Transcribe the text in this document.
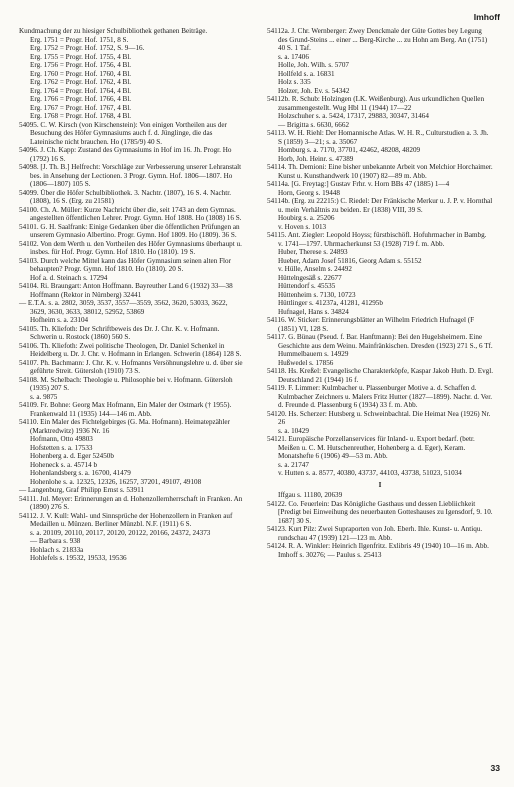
Imhoff

Kundmachung der zu hiesiger Schulbibliothek gethanen Beiträge.

Erg. 1751 = Progr. Hof. 1751, 8 S.

Erg. 1752 = Progr. Hof. 1752, S. 9—16.

Erg. 1755 = Progr. Hof. 1755, 4 Bl.

Erg. 1756 = Progr. Hof. 1756, 4 Bl.

Erg. 1760 = Progr. Hof. 1760, 4 Bl.

Erg. 1762 = Progr. Hof. 1762, 4 Bl.

Erg. 1764 = Progr. Hof. 1764, 4 Bl.

Erg. 1766 = Progr. Hof. 1766, 4 Bl.

Erg. 1767 = Progr. Hof. 1767, 4 Bl.

Erg. 1768 = Progr. Hof. 1768, 4 Bl.

54095. C. W. Kirsch (von Kirschenstein): Von einigen Vortheilen aus der Besuchung des Höfer Gymnasiums auch f. d. Jünglinge, die das Lateinische nicht brauchen. Ho (1785/9) 40 S.

54096. J. Ch. Kapp: Zustand des Gymnasiums in Hof im 16. Jh. Progr. Ho (1792) 16 S.

54098. [J. Th. B.] Helfrecht: Vorschläge zur Verbesserung unserer Lehranstalt bes. in Ansehung der Lectionen. 3 Progr. Gymn. Hof. 1806—1807. Ho (1806—1807) 105 S.

54099. Über die Höfer Schulbibliothek. 3. Nachtr. (1807), 16 S. 4. Nachtr. (1808), 16 S. (Erg. zu 21581)

54100. Ch. A. Müller: Kurze Nachricht über die, seit 1743 an dem Gymnas. angestellten öffentlichen Lehrer. Progr. Gymn. Hof 1808. Ho (1808) 16 S.

54101. G. H. Saalfrank: Einige Gedanken über die öffentlichen Prüfungen an unserem Gymnasio Albertino. Progr. Gymn. Hof 1809. Ho (1809). 36 S.

54102. Von dem Werth u. den Vortheilen des Höfer Gymnasiums überhaupt u. insbes. für Hof. Progr. Gymn. Hof 1810. Ho (1810). 19 S.

54103. Durch welche Mittel kann das Höfer Gymnasium seinen alten Flor behaupten? Progr. Gymn. Hof 1810. Ho (1810). 20 S.

Hof a. d. Steinach s. 17294

54104. Ri. Braungart: Anton Hoffmann. Bayreuther Land 6 (1932) 33—38

Hoffmann (Rektor in Nürnberg) 32441

— E.T.A. s. a. 2802, 3059, 3537, 3557—3559, 3562, 3620, 53033, 3622, 3629, 3630, 3633, 38012, 52952, 53869

Hofheim s. a. 23104

54105. Th. Kliefoth: Der Schriftbeweis des Dr. J. Chr. K. v. Hofmann. Schwerin u. Rostock (1860) 560 S.

54106. Th. Kliefoth: Zwei politische Theologen, Dr. Daniel Schenkel in Heidelberg u. Dr. J. Chr. v. Hofmann in Erlangen. Schwerin (1864) 128 S.

54107. Ph. Bachmann: J. Chr. K. v. Hofmanns Versöhnungslehre u. d. über sie geführte Streit. Gütersloh (1910) 73 S.

54108. M. Schelbach: Theologie u. Philosophie bei v. Hofmann. Gütersloh (1935) 207 S.

s. a. 9875

54109. Fr. Bohne: Georg Max Hofmann, Ein Maler der Ostmark († 1955). Frankenwald 11 (1935) 144—146 m. Abb.

54110. Ein Maler des Fichtelgebirges (G. Ma. Hofmann). Heimatерzähler (Marktredwitz) 1936 Nr. 16

Hofmann, Otto 49803

Hofstetten s. a. 17533

Hohenberg a. d. Eger 52450b

Hoheneck s. a. 45714 b

Hohenlandsberg s. a. 16700, 41479

Hohenlohe s. a. 12325, 12326, 16257, 37201, 49107, 49108

— Langenburg, Graf Philipp Ernst s. 53911

54111. Jul. Meyer: Erinnerungen an d. Hohenzollernherrschaft in Franken. An (1890) 276 S.

54112. J. V. Kull: Wahl- und Sinnsprüche der Hohenzollern in Franken auf Medaillen u. Münzen. Berliner Münzbl. N.F. (1911) 6 S.

s. a. 20109, 20110, 20117, 20120, 20122, 20166, 24372, 24373

— Barbara s. 938

Hohlach s. 21833a

Hohlefels s. 19532, 19533, 19536

54112a. J. Chr. Wernberger: Zwey Denckmale der Güte Gottes bey Legung des Grund-Steins ... einer ... Berg-Kirche ... zu Hohn am Berg. An (1751) 40 S. 1 Taf.

s. a. 17406

Holle, Joh. Wilh. s. 5707

Hollfeld s. a. 16831

Holz s. 335

Holzer, Joh. Ev. s. 54342

54112b. R. Schub: Holzingen (LK. Weißenburg). Aus urkundlichen Quellen zusammengestellt. Wug Hbl 11 (1944) 17—22

Holzschuher s. a. 5424, 17317, 29883, 30347, 31464

— Brigitta s. 6630, 6662

54113. W. H. Riehl: Der Homannische Atlas. W. H. R., Culturstudien a. 3. Jh. S (1859) 3—21; s. a. 35067

Homburg s. a. 7170, 37701, 42462, 48208, 48209

Horb, Joh. Heinr. s. 47389

54114. Th. Demioni: Eine bisher unbekannte Arbeit von Melchior Horchaimer. Kunst u. Kunsthandwerk 10 (1907) 82—89 m. Abb.

54114a. [G. Freytag:] Gustav Frhr. v. Horn BBs 47 (1885) 1—4

Horn, Georg s. 19448

54114b. (Erg. zu 22215:) C. Riedel: Der Fränkische Merkur u. J. P. v. Hornthal u. mein Verhältnis zu beiden. Er (1838) VIII, 39 S.

Houbirg s. a. 25206

v. Hoven s. 1013

54115. Ant. Ziegler: Leopold Hoyss; fürstbischöfl. Hofuhrmacher in Bambg. v. 1741—1797. Uhrmacherkunst 53 (1928) 719 f. m. Abb.

Huber, Therese s. 24893

Hueber, Adam Josef 51816, Georg Adam s. 55152

v. Hülle, Anselm s. 24492

Hüttelngesäß s. 22677

Hüttendorf s. 45535

Hüttenheim s. 7130, 10723

Hüttlinger s. 41237a, 41281, 41295b

Hufnagel, Hans s. 34824

54116. W. Sticker: Erinnerungsblätter an Wilhelm Friedrich Hufnagel (F (1851) VI, 128 S.

54117. G. Bünau (Pseud. f. Bar. Hanftmann): Bei den Hugelsheimern. Eine Geschichte aus dem Weinu. Mainfränkischen. Dresden (1923) 271 S., 6 Tf.

Hummelbauern s. 14929

Hußwedel s. 17856

54118. Hs. Kreßel: Evangelische Charakterköpfe, Kaspar Jakob Huth. D. Evgl. Deutschland 21 (1944) 16 f.

54119. F. Limmer: Kulmbacher u. Plassenburger Motive a. d. Schaffen d. Kulmbacher Zeichners u. Malers Fritz Hutter (1827—1899). Nachr. d. Ver. d. Freunde d. Plassenburg 6 (1934) 33 f. m. Abb.

54120. Hs. Scherzer: Hutsberg u. Schweinbachtal. Die Heimat Nea (1926) Nr. 26

s. a. 10429

54121. Europäische Porzellanservices für Inland- u. Export bedarf. (betr. Meißen u. C. M. Hutschenreuther, Hohenberg a. d. Eger), Keram. Monatshefte 6 (1906) 49—53 m. Abb.

s. a. 21747

v. Hutten s. a. 8577, 40380, 43737, 44103, 43738, 51023, 51034

I

Iffgau s. 11180, 20639

54122. Co. Feuerlein: Das Königliche Gasthaus und dessen Liebliichkeit [Predigt bei Einweihung des neuerbauten Gotteshauses zu Igensdorf, 9. 10. 1687] 30 S.

54123. Kurt Pilz: Zwei Supraporten von Joh. Eberh. Ihle. Kunst- u. Antiqu. rundschau 47 (1939) 121—123 m. Abb.

54124. R. A. Winkler: Heinrich Ilgenfritz. Exlibris 49 (1940) 10—16 m. Abb.

Imhoff s. 30276; — Paulus s. 25413

33
